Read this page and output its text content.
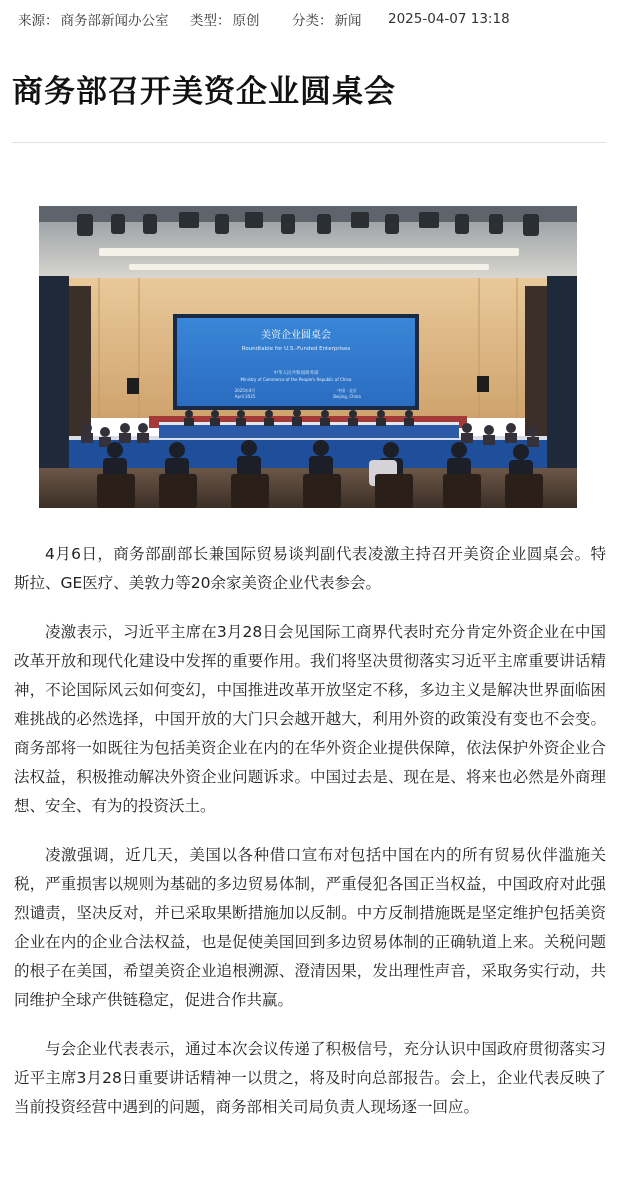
来源： 商务部新闻办公室	类型： 原创	分类： 新闻	2025-04-07 13:18
商务部召开美资企业圆桌会
美资企业圆桌会
Roundtable for U.S.-Funded Enterprises
中华人民共和国商务部
Ministry of Commerce of the People's Republic of China
2025年4月
April 2025
中国 · 北京
Beijing, China

4月6日，商务部副部长兼国际贸易谈判副代表凌激主持召开美资企业圆桌会。特斯拉、GE医疗、美敦力等20余家美资企业代表参会。

凌激表示，习近平主席在3月28日会见国际工商界代表时充分肯定外资企业在中国改革开放和现代化建设中发挥的重要作用。我们将坚决贯彻落实习近平主席重要讲话精神，不论国际风云如何变幻，中国推进改革开放坚定不移，多边主义是解决世界面临困难挑战的必然选择，中国开放的大门只会越开越大，利用外资的政策没有变也不会变。商务部将一如既往为包括美资企业在内的在华外资企业提供保障，依法保护外资企业合法权益，积极推动解决外资企业问题诉求。中国过去是、现在是、将来也必然是外商理想、安全、有为的投资沃土。

凌激强调，近几天，美国以各种借口宣布对包括中国在内的所有贸易伙伴滥施关税，严重损害以规则为基础的多边贸易体制，严重侵犯各国正当权益，中国政府对此强烈谴责，坚决反对，并已采取果断措施加以反制。中方反制措施既是坚定维护包括美资企业在内的企业合法权益，也是促使美国回到多边贸易体制的正确轨道上来。关税问题的根子在美国，希望美资企业追根溯源、澄清因果，发出理性声音，采取务实行动，共同维护全球产供链稳定，促进合作共赢。

与会企业代表表示，通过本次会议传递了积极信号，充分认识中国政府贯彻落实习近平主席3月28日重要讲话精神一以贯之，将及时向总部报告。会上，企业代表反映了当前投资经营中遇到的问题，商务部相关司局负责人现场逐一回应。
